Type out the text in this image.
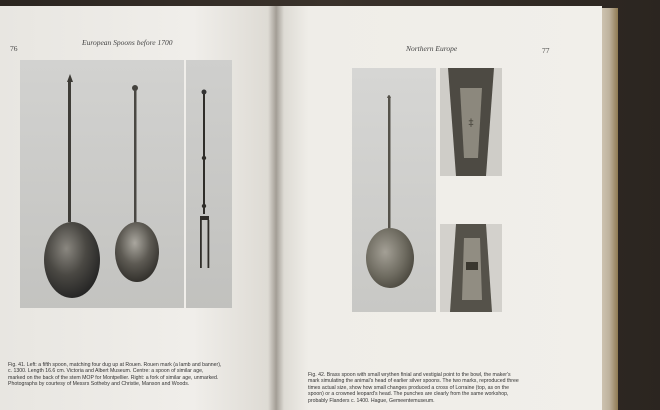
76
European Spoons before 1700
Fig. 41. Left: a fifth spoon, matching four dug up at Rouen. Rouen mark (a lamb and banner),
c. 1300. Length 16.6 cm. Victoria and Albert Museum. Centre: a spoon of similar age,
marked on the back of the stem MOP for Montpellier. Right: a fork of similar age, unmarked.
Photographs by courtesy of Messrs Sotheby and Christie, Manson and Woods.
Northern Europe	77
‡
Fig. 42. Brass spoon with small wrythen finial and vestigial point to the bowl, the maker's
mark simulating the animal's head of earlier silver spoons. The two marks, reproduced three
times actual size, show how small changes produced a cross of Lorraine (top, as on the
spoon) or a crowned leopard's head. The punches are clearly from the same workshop,
probably Flanders c. 1400. Hague, Gemeentemuseum.
